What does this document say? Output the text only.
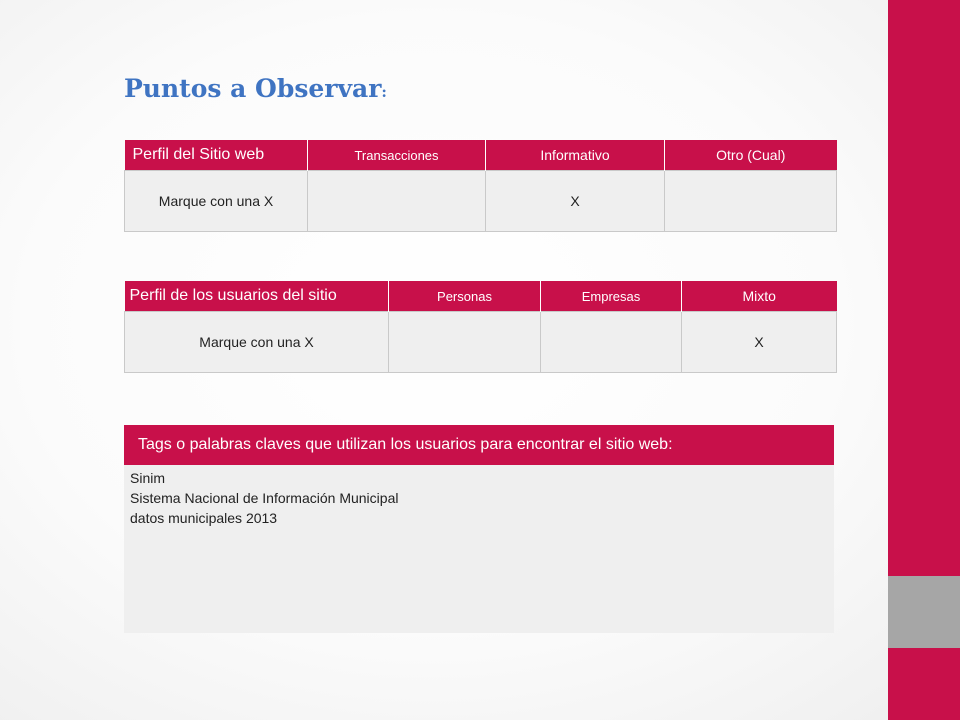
Puntos a Observar:
Perfil del Sitio web	Transacciones	Informativo	Otro (Cual)
Marque con una X		X	
Perfil de los usuarios del sitio	Personas	Empresas	Mixto
Marque con una X			X
Tags o palabras claves que utilizan los usuarios para encontrar el sitio web:
Sinim
Sistema Nacional de Información Municipal
datos municipales 2013
